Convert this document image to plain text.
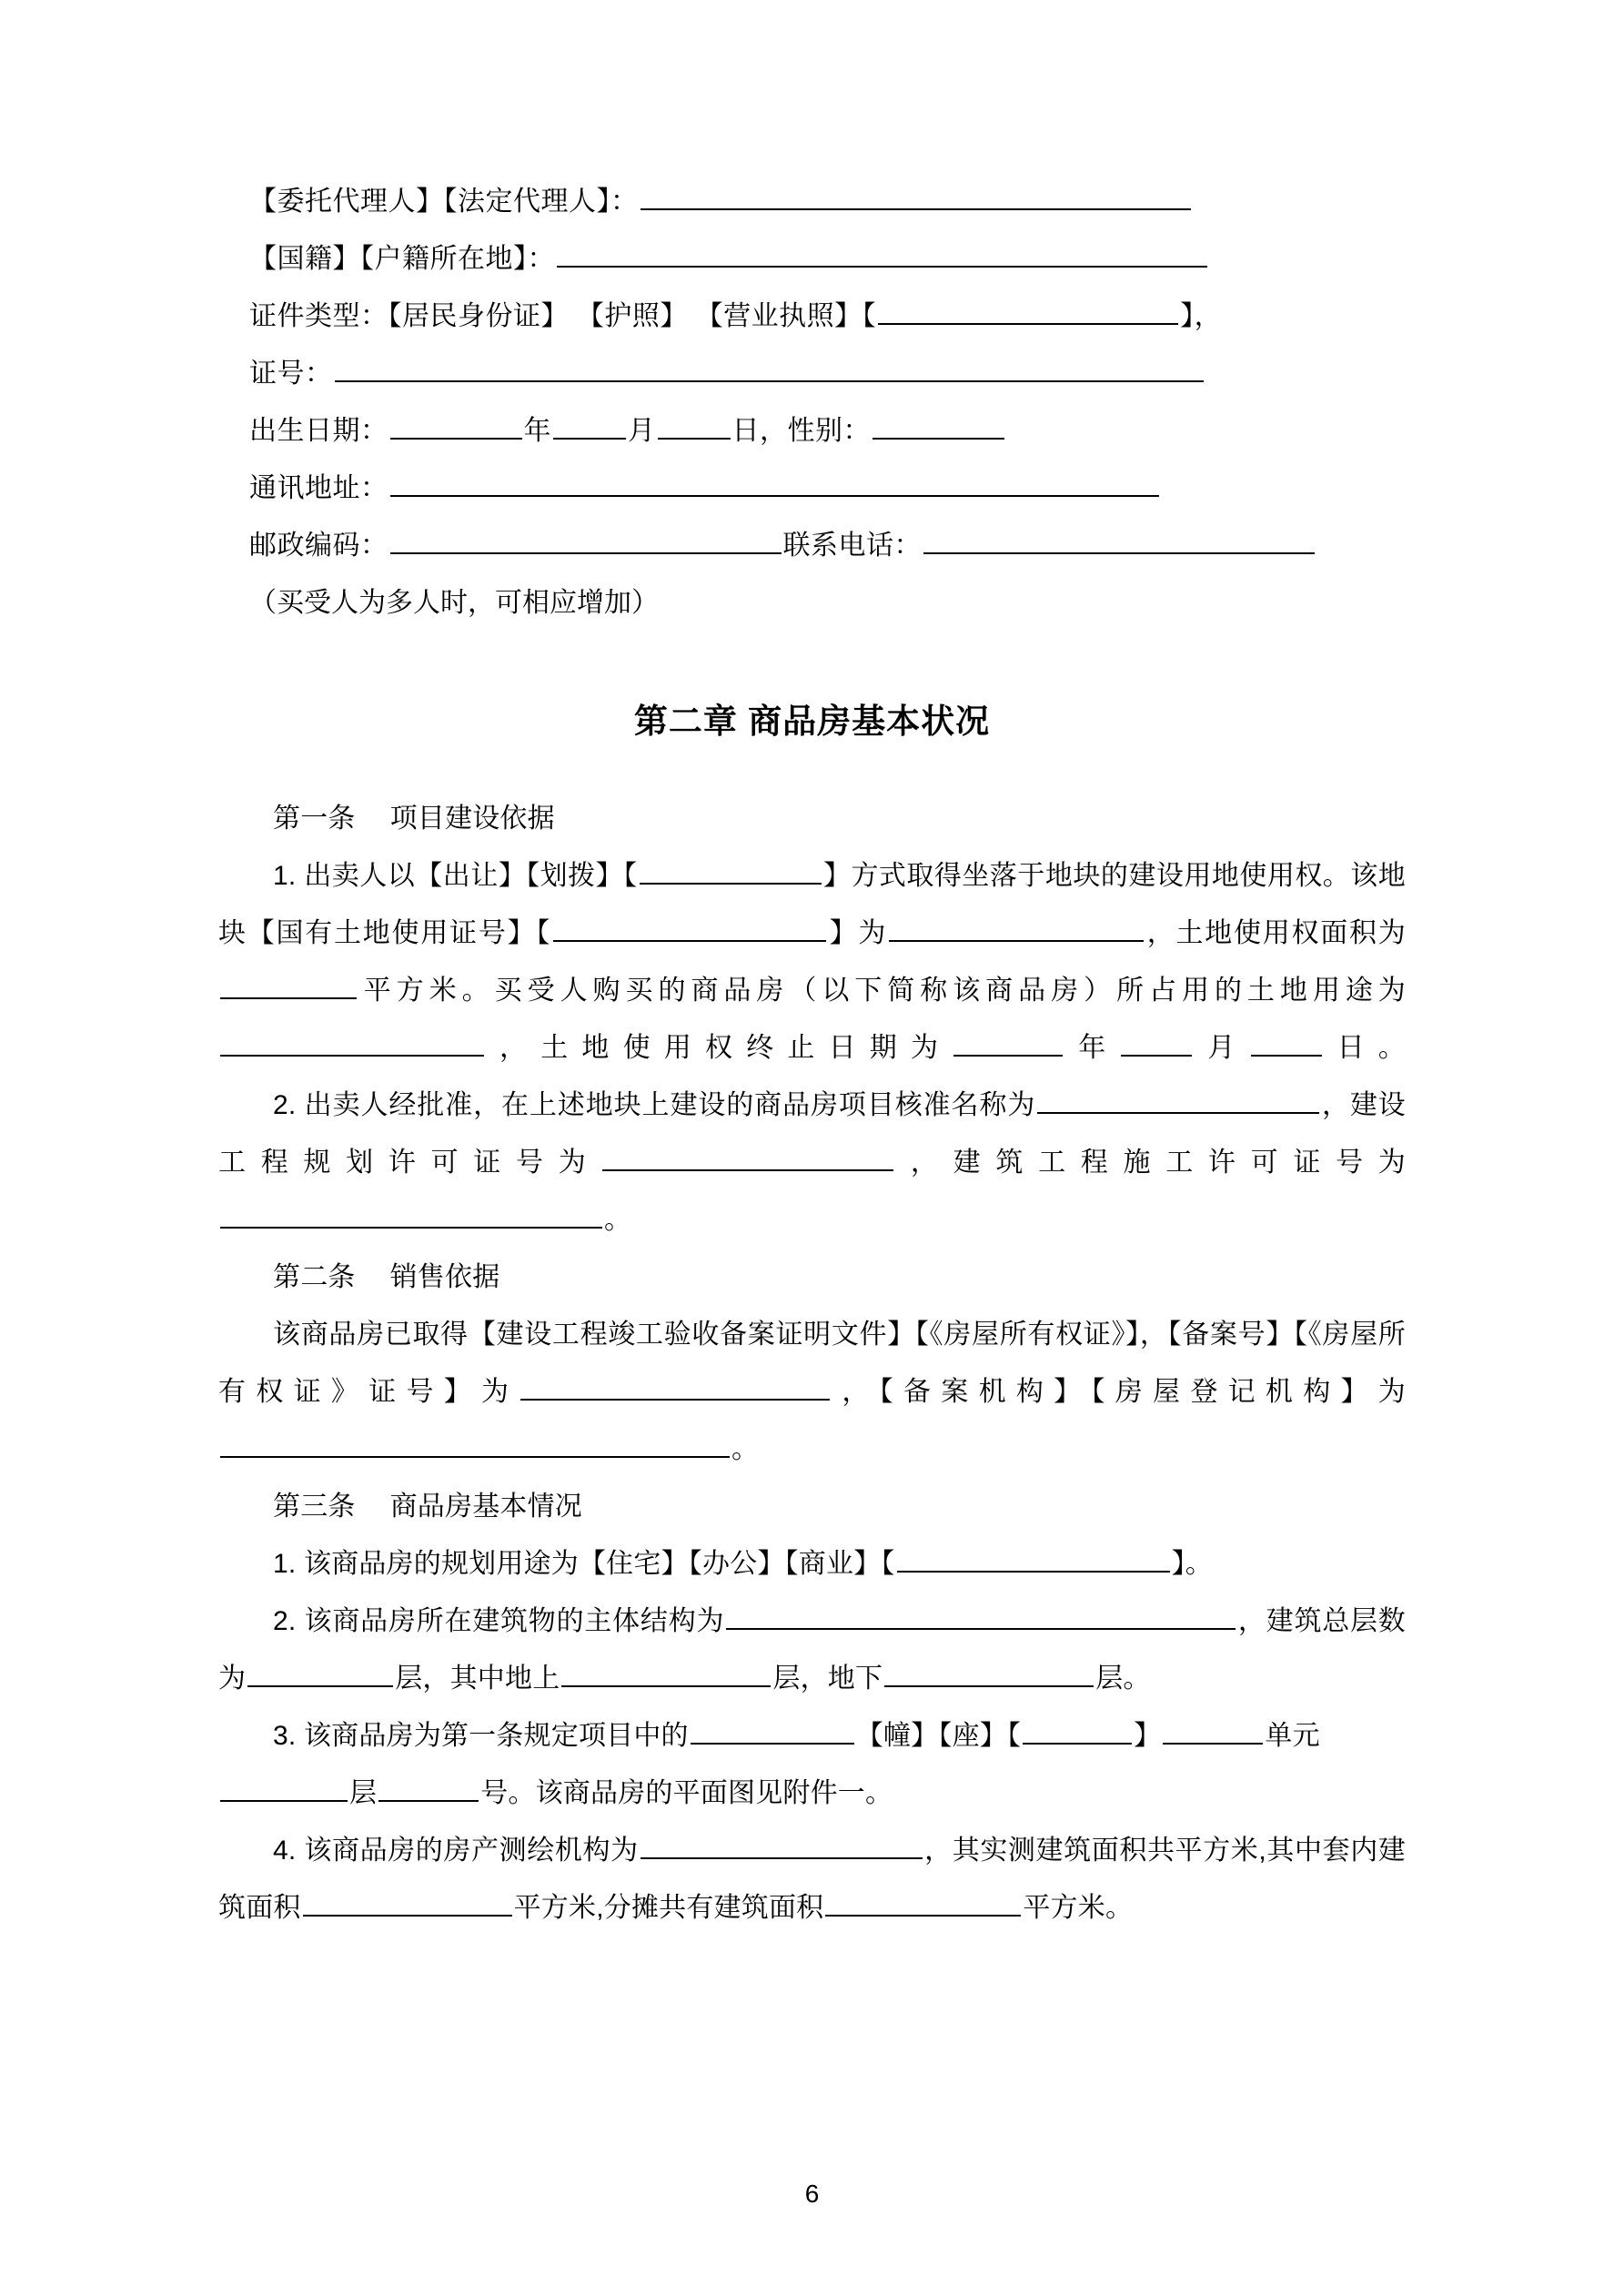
【委托代理人】【法定代理人】：
【国籍】【户籍所在地】：
证件类型：【居民身份证】 【护照】 【营业执照】【	】，
证号：
出生日期：	年	月	日，性别：
通讯地址：
邮政编码：	联系电话：
（买受人为多人时，可相应增加）
第二章 商品房基本状况
第一条 项目建设依据
1. 出卖人以【出让】【划拨】【	】方式取得坐落于地块的建设用地使用权。该地块【国有土地使用证号】【	】为	，土地使用权面积为平方米。买受人购买的商品房（以下简称该商品房）所占用的土地用途为，土地使用权终止日期为	年	月	日。
2. 出卖人经批准，在上述地块上建设的商品房项目核准名称为	，建设工程规划许可证号为	，建筑工程施工许可证号为。
第二条 销售依据
该商品房已取得【建设工程竣工验收备案证明文件】【《房屋所有权证》】，【备案号】【《房屋所有权证》证号】为	，【备案机构】【房屋登记机构】为。
第三条 商品房基本情况
1. 该商品房的规划用途为【住宅】【办公】【商业】【	】。
2. 该商品房所在建筑物的主体结构为	，建筑总层数为	层，其中地上	层，地下	层。
3. 该商品房为第一条规定项目中的	【幢】【座】【	】	单元
层	号。该商品房的平面图见附件一。
4. 该商品房的房产测绘机构为	，其实测建筑面积共平方米,其中套内建筑面积	平方米,分摊共有建筑面积	平方米。
6
